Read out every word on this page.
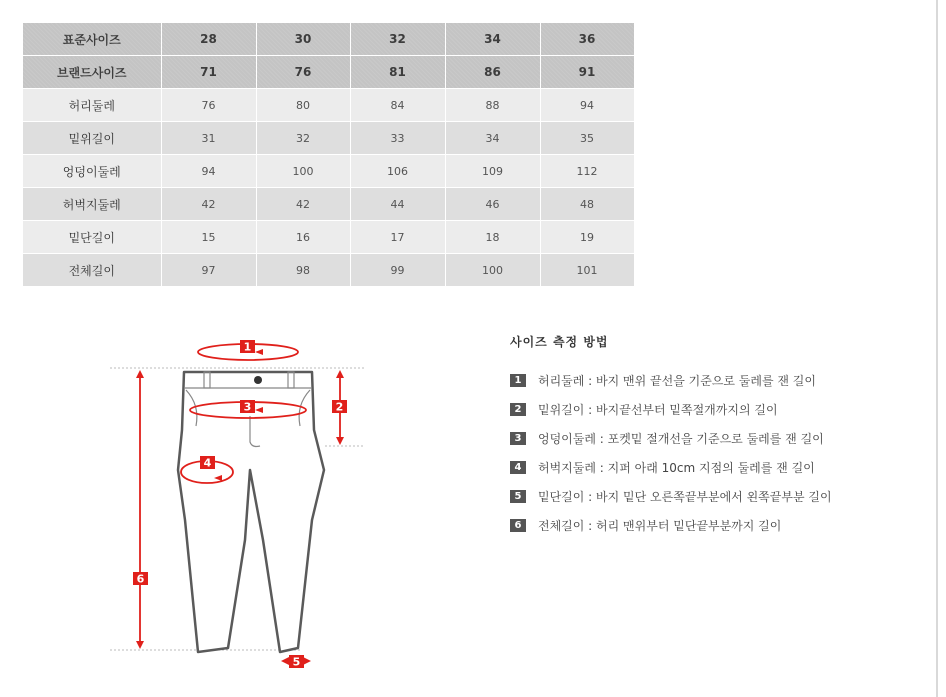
표준사이즈	28	30	32	34	36
브랜드사이즈	71	76	81	86	91
허리둘레	76	80	84	88	94
밑위길이	31	32	33	34	35
엉덩이둘레	94	100	106	109	112
허벅지둘레	42	42	44	46	48
밑단길이	15	16	17	18	19
전체길이	97	98	99	100	101
1
2
3
4
5
6
사이즈 측정 방법
1	허리둘레 : 바지 맨위 끝선을 기준으로 둘레를 잰 길이
2	밑위길이 : 바지끝선부터 밑쪽절개까지의 길이
3	엉덩이둘레 : 포켓밑 절개선을 기준으로 둘레를 잰 길이
4	허벅지둘레 : 지퍼 아래 10cm 지점의 둘레를 잰 길이
5	밑단길이 : 바지 밑단 오른쪽끝부분에서 왼쪽끝부분 길이
6	전체길이 : 허리 맨위부터 밑단끝부분까지 길이
